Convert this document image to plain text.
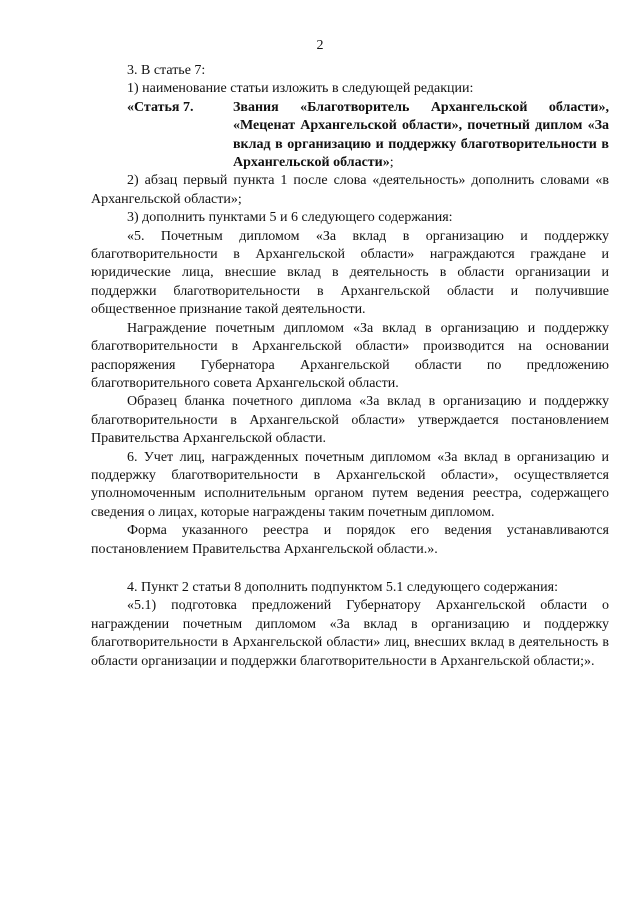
2

3. В статье 7:

1) наименование статьи изложить в следующей редакции:

«Статья 7.	Звания «Благотворитель Архангельской области», «Меценат Архангельской области», почетный диплом «За вклад в организацию и поддержку благотворительности в Архангельской области»;

2) абзац первый пункта 1 после слова «деятельность» дополнить словами «в Архангельской области»;

3) дополнить пунктами 5 и 6 следующего содержания:

«5. Почетным дипломом «За вклад в организацию и поддержку благотворительности в Архангельской области» награждаются граждане и юридические лица, внесшие вклад в деятельность в области организации и поддержки благотворительности в Архангельской области и получившие общественное признание такой деятельности.

Награждение почетным дипломом «За вклад в организацию и поддержку благотворительности в Архангельской области» производится на основании распоряжения Губернатора Архангельской области по предложению благотворительного совета Архангельской области.

Образец бланка почетного диплома «За вклад в организацию и поддержку благотворительности в Архангельской области» утверждается постановлением Правительства Архангельской области.

6. Учет лиц, награжденных почетным дипломом «За вклад в организацию и поддержку благотворительности в Архангельской области», осуществляется уполномоченным исполнительным органом путем ведения реестра, содержащего сведения о лицах, которые награждены таким почетным дипломом.

Форма указанного реестра и порядок его ведения устанавливаются постановлением Правительства Архангельской области.».

4. Пункт 2 статьи 8 дополнить подпунктом 5.1 следующего содержания:

«5.1) подготовка предложений Губернатору Архангельской области о награждении почетным дипломом «За вклад в организацию и поддержку благотворительности в Архангельской области» лиц, внесших вклад в деятельность в области организации и поддержки благотворительности в Архангельской области;».
